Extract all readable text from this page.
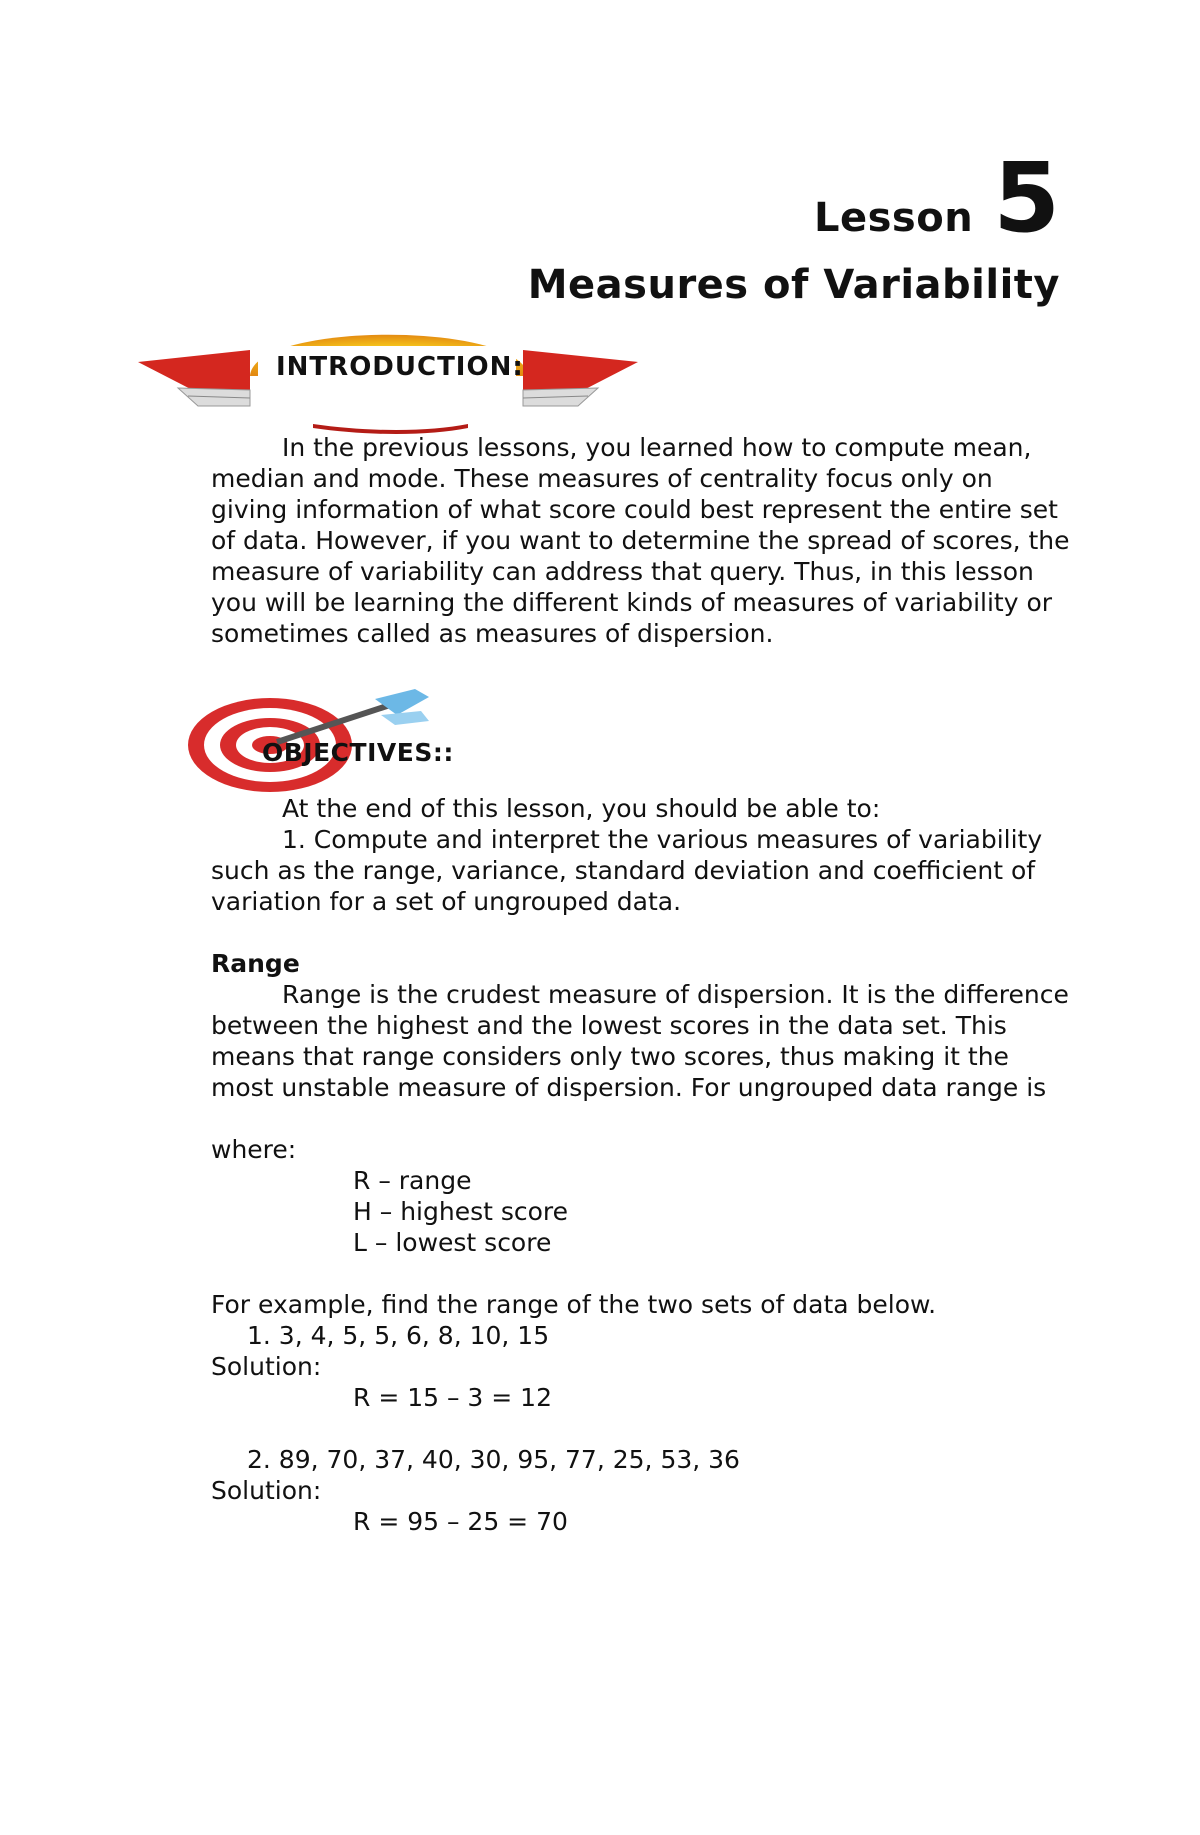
Lesson 5
Measures of Variability
INTRODUCTION:

In the previous lessons, you learned how to compute mean, median and mode. These measures of centrality focus only on giving information of what score could best represent the entire set of data. However, if you want to determine the spread of scores, the measure of variability can address that query. Thus, in this lesson you will be learning the different kinds of measures of variability or sometimes called as measures of dispersion.

OBJECTIVES::
At the end of this lesson, you should be able to:

1. Compute and interpret the various measures of variability such as the range, variance, standard deviation and coefficient of variation for a set of ungrouped data.

Range

Range is the crudest measure of dispersion. It is the difference between the highest and the lowest scores in the data set. This means that range considers only two scores, thus making it the most unstable measure of dispersion. For ungrouped data range is

where:
R – range
H – highest score
L – lowest score
For example, find the range of the two sets of data below.
1. 3, 4, 5, 5, 6, 8, 10, 15
Solution:
R = 15 – 3 = 12
2. 89, 70, 37, 40, 30, 95, 77, 25, 53, 36
Solution:
R = 95 – 25 = 70
